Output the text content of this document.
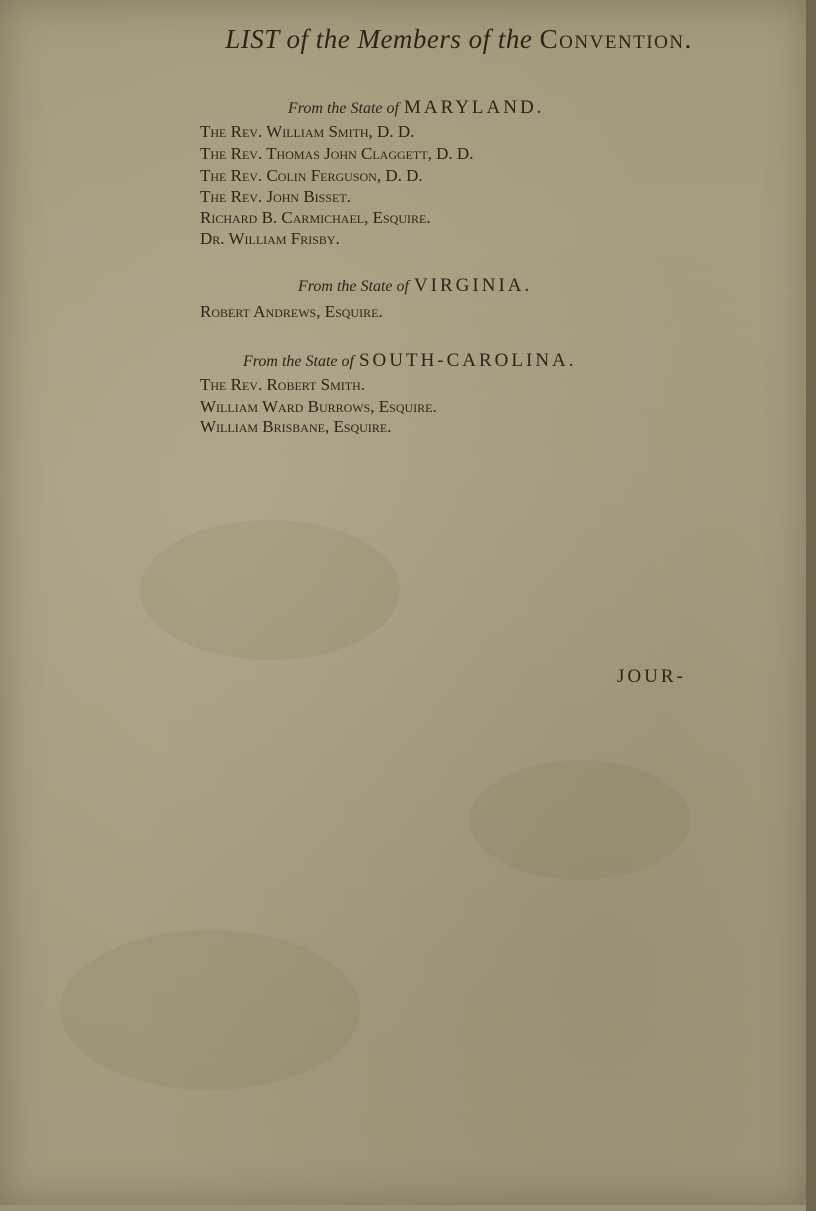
LIST of the Members of the Convention.
From the State of MARYLAND.
The Rev. William Smith, D. D.
The Rev. Thomas John Claggett, D. D.
The Rev. Colin Ferguson, D. D.
The Rev. John Bisset.
Richard B. Carmichael, Esquire.
Dr. William Frisby.
From the State of VIRGINIA.
Robert Andrews, Esquire.
From the State of SOUTH-CAROLINA.
The Rev. Robert Smith.
William Ward Burrows, Esquire.
William Brisbane, Esquire.
JOUR-
